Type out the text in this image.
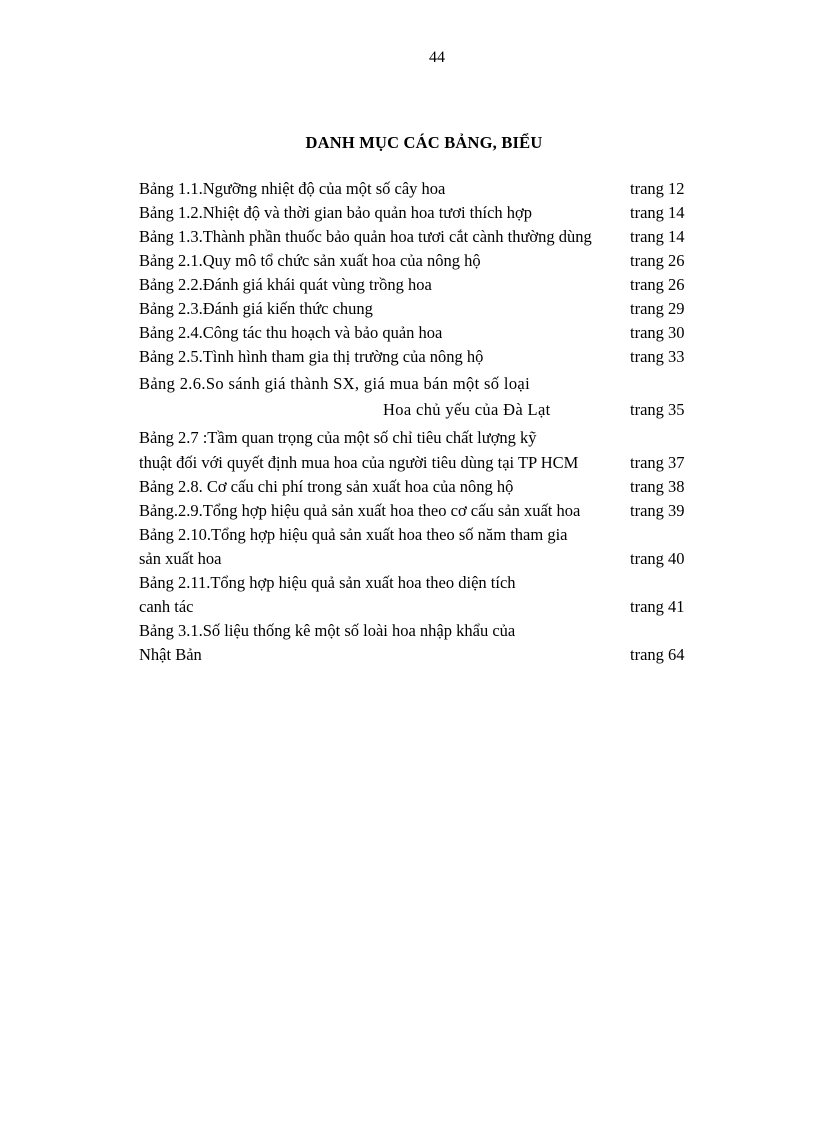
44
DANH MỤC CÁC BẢNG, BIỂU
Bảng 1.1.Ngưỡng nhiệt độ của một số cây hoa	trang 12
Bảng 1.2.Nhiệt độ và thời gian bảo quản hoa tươi thích hợp	trang 14
Bảng 1.3.Thành phần thuốc bảo quản hoa tươi cắt cành thường dùng trang 14
Bảng 2.1.Quy mô tổ chức sản xuất hoa của nông hộ	trang 26
Bảng 2.2.Đánh giá khái quát vùng trồng hoa	trang 26
Bảng 2.3.Đánh giá kiến thức chung	trang 29
Bảng 2.4.Công tác thu hoạch và bảo quản hoa	trang 30
Bảng 2.5.Tình hình tham gia thị trường của nông hộ	trang 33
Bảng 2.6.So sánh giá thành SX, giá mua bán một số loại
Hoa chủ yếu của Đà Lạt	trang 35
Bảng 2.7 :Tầm quan trọng của một số chỉ tiêu chất lượng kỹ
thuật đối với quyết định mua hoa của người tiêu dùng tại TP HCM	trang 37
Bảng 2.8. Cơ cấu chi phí trong sản xuất hoa của nông hộ	trang 38
Bảng.2.9.Tổng hợp hiệu quả sản xuất hoa theo cơ cấu sản xuất hoa	trang 39
Bảng 2.10.Tổng hợp hiệu quả sản xuất hoa theo số năm tham gia
sản xuất hoa	trang 40
Bảng 2.11.Tổng hợp hiệu quả sản xuất hoa theo diện tích
canh tác	trang 41
Bảng 3.1.Số liệu thống kê một số loài hoa nhập khẩu của
Nhật Bản	trang 64
